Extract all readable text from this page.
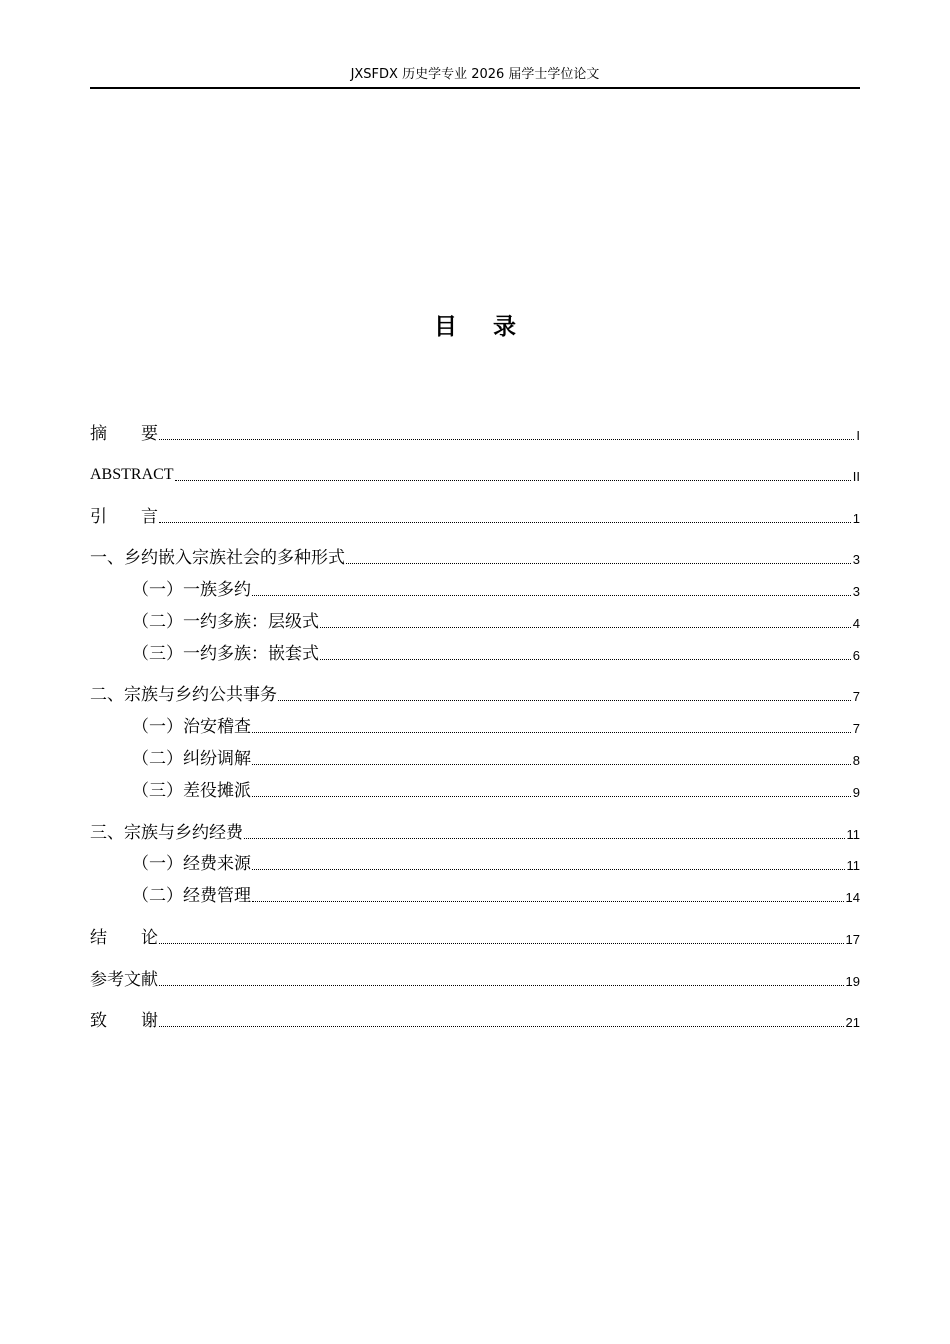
JXSFDX 历史学专业 2026 届学士学位论文
目录
摘　　要	I
ABSTRACT	II
引　　言	1
一、乡约嵌入宗族社会的多种形式	3
（一）一族多约	3
（二）一约多族：层级式	4
（三）一约多族：嵌套式	6
二、宗族与乡约公共事务	7
（一）治安稽查	7
（二）纠纷调解	8
（三）差役摊派	9
三、宗族与乡约经费	11
（一）经费来源	11
（二）经费管理	14
结　　论	17
参考文献	19
致　　谢	21
